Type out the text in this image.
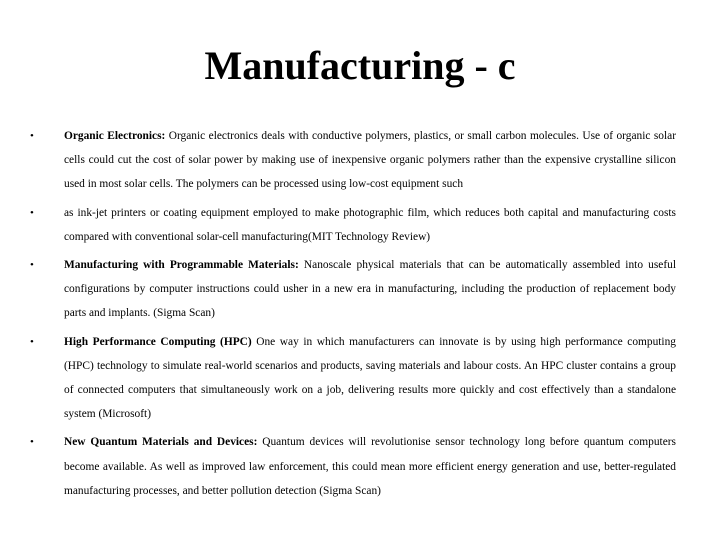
Manufacturing - c
•	Organic Electronics: Organic electronics deals with conductive polymers, plastics, or small carbon molecules. Use of organic solar cells could cut the cost of solar power by making use of inexpensive organic polymers rather than the expensive crystalline silicon used in most solar cells. The polymers can be processed using low-cost equipment such
•	as ink-jet printers or coating equipment employed to make photographic film, which reduces both capital and manufacturing costs compared with conventional solar-cell manufacturing(MIT Technology Review)
•	Manufacturing with Programmable Materials: Nanoscale physical materials that can be automatically assembled into useful configurations by computer instructions could usher in a new era in manufacturing, including the production of replacement body parts and implants. (Sigma Scan)
•	High Performance Computing (HPC) One way in which manufacturers can innovate is by using high performance computing (HPC) technology to simulate real-world scenarios and products, saving materials and labour costs. An HPC cluster contains a group of connected computers that simultaneously work on a job, delivering results more quickly and cost effectively than a standalone system (Microsoft)
•	New Quantum Materials and Devices: Quantum devices will revolutionise sensor technology long before quantum computers become available. As well as improved law enforcement, this could mean more efficient energy generation and use, better-regulated manufacturing processes, and better pollution detection (Sigma Scan)
